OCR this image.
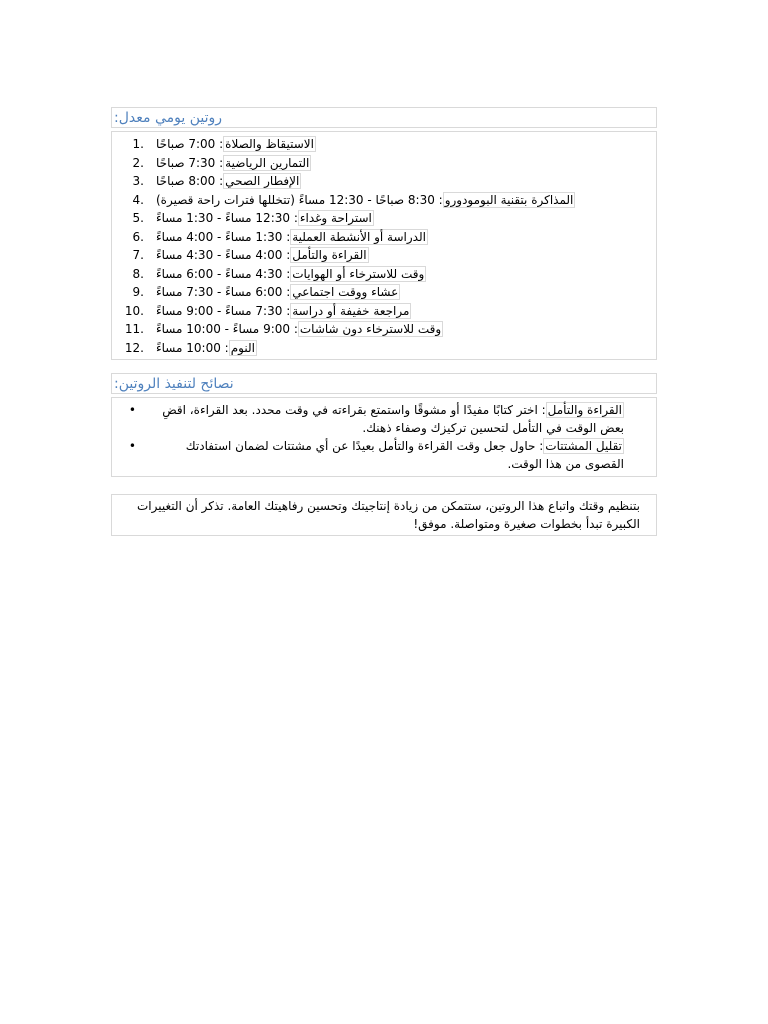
روتين يومي معدل:
1.	الاستيقاظ والصلاة: 7:00 صباحًا
2.	التمارين الرياضية: 7:30 صباحًا
3.	الإفطار الصحي: 8:00 صباحًا
4.	المذاكرة بتقنية البومودورو: 8:30 صباحًا - 12:30 مساءً (تتخللها فترات راحة قصيرة)
5.	استراحة وغداء: 12:30 مساءً - 1:30 مساءً
6.	الدراسة أو الأنشطة العملية: 1:30 مساءً - 4:00 مساءً
7.	القراءة والتأمل: 4:00 مساءً - 4:30 مساءً
8.	وقت للاسترخاء أو الهوايات: 4:30 مساءً - 6:00 مساءً
9.	عشاء ووقت اجتماعي: 6:00 مساءً - 7:30 مساءً
10.	مراجعة خفيفة أو دراسة: 7:30 مساءً - 9:00 مساءً
11.	وقت للاسترخاء دون شاشات: 9:00 مساءً - 10:00 مساءً
12.	النوم: 10:00 مساءً
نصائح لتنفيذ الروتين:
•	القراءة والتأمل: اختر كتابًا مفيدًا أو مشوقًا واستمتع بقراءته في وقت محدد. بعد القراءة، اقضِ بعض الوقت في التأمل لتحسين تركيزك وصفاء ذهنك.
•	تقليل المشتتات: حاول جعل وقت القراءة والتأمل بعيدًا عن أي مشتتات لضمان استفادتك القصوى من هذا الوقت.
بتنظيم وقتك واتباع هذا الروتين، ستتمكن من زيادة إنتاجيتك وتحسين رفاهيتك العامة. تذكر أن التغييرات الكبيرة تبدأ بخطوات صغيرة ومتواصلة. موفق!
